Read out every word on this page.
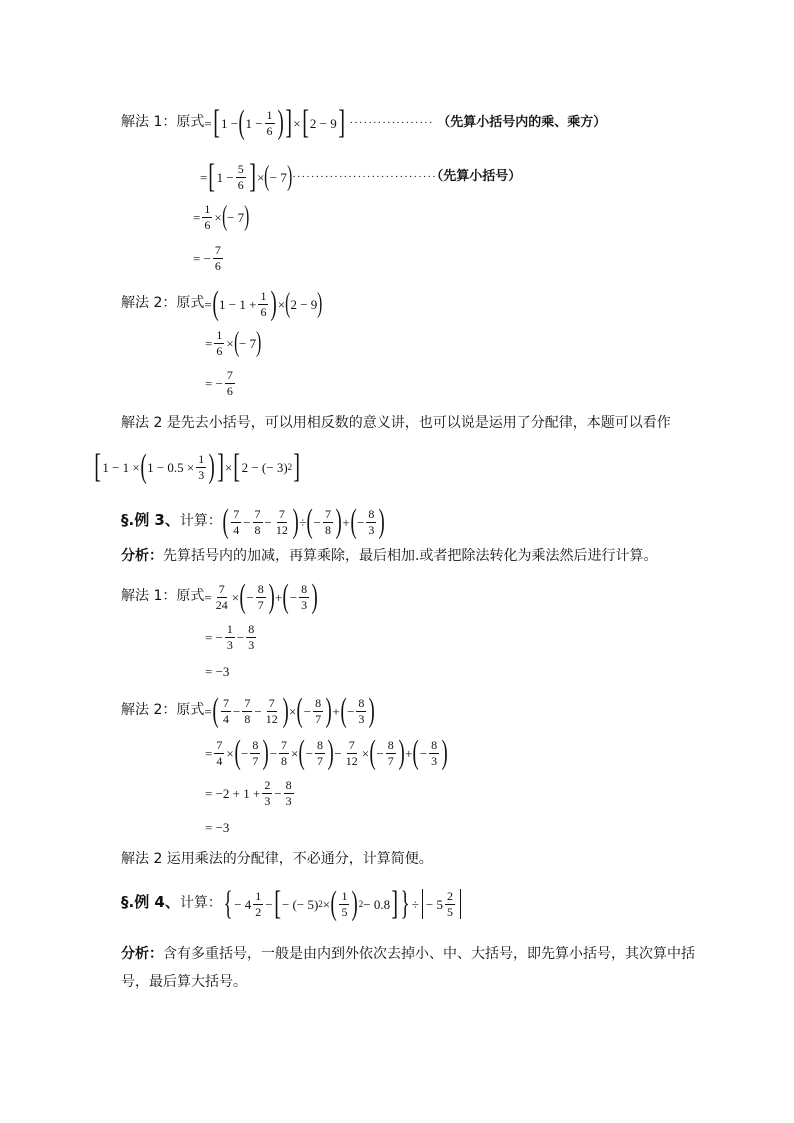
解法 1：原式= [ 1 − ( $1 - \frac{1}{6}$ ) ] × [ 2 − 9 ] ·················· （先算小括号内的乘、乘方）
= [ $1 - \frac{5}{6}$ ] × ( − 7 ) ·······························（先算小括号）
= $\frac{1}{6}$ × ( − 7 )
= − $\frac{7}{6}$
解法 2：原式= ( $1 - 1 + \frac{1}{6}$ ) × ( 2 − 9 )
= $\frac{1}{6}$ × ( − 7 )
= − $\frac{7}{6}$
解法 2 是先去小括号，可以用相反数的意义讲，也可以说是运用了分配律，本题可以看作
[ 1 − 1 × ( $1 - 0.5 \times \frac{1}{3}$ ) ] × [ 2 − (− 3) 2 ]
§.例 3、计算： ( $\frac{7}{4} - \frac{7}{8} - \frac{7}{12}$ ) ÷ ( − $\frac{7}{8}$ ) + ( − $\frac{8}{3}$ )
分析：先算括号内的加减，再算乘除，最后相加.或者把除法转化为乘法然后进行计算。
解法 1：原式= $\frac{7}{24}$ × ( − $\frac{8}{7}$ ) + ( − $\frac{8}{3}$ )
= − $\frac{1}{3} - \frac{8}{3}$
= −3
解法 2：原式= ( $\frac{7}{4} - \frac{7}{8} - \frac{7}{12}$ ) × ( − $\frac{8}{7}$ ) + ( − $\frac{8}{3}$ )
= $\frac{7}{4}$ × ( − $\frac{8}{7}$ ) − $\frac{7}{8}$ × ( − $\frac{8}{7}$ ) − $\frac{7}{12}$ × ( − $\frac{8}{7}$ ) + ( − $\frac{8}{3}$ )
= $-2 + 1 + \frac{2}{3} - \frac{8}{3}$
= −3
解法 2 运用乘法的分配律，不必通分，计算简便。
§.例 4、计算： { − $4 \frac{1}{2}$ − [ − (− 5) 2 × ( $\frac{1}{5}$ ) 2 − 0.8 ] } ÷
− $5 \frac{2}{5}$
分析：含有多重括号，一般是由内到外依次去掉小、中、大括号，即先算小括号，其次算中括号，最后算大括号。
